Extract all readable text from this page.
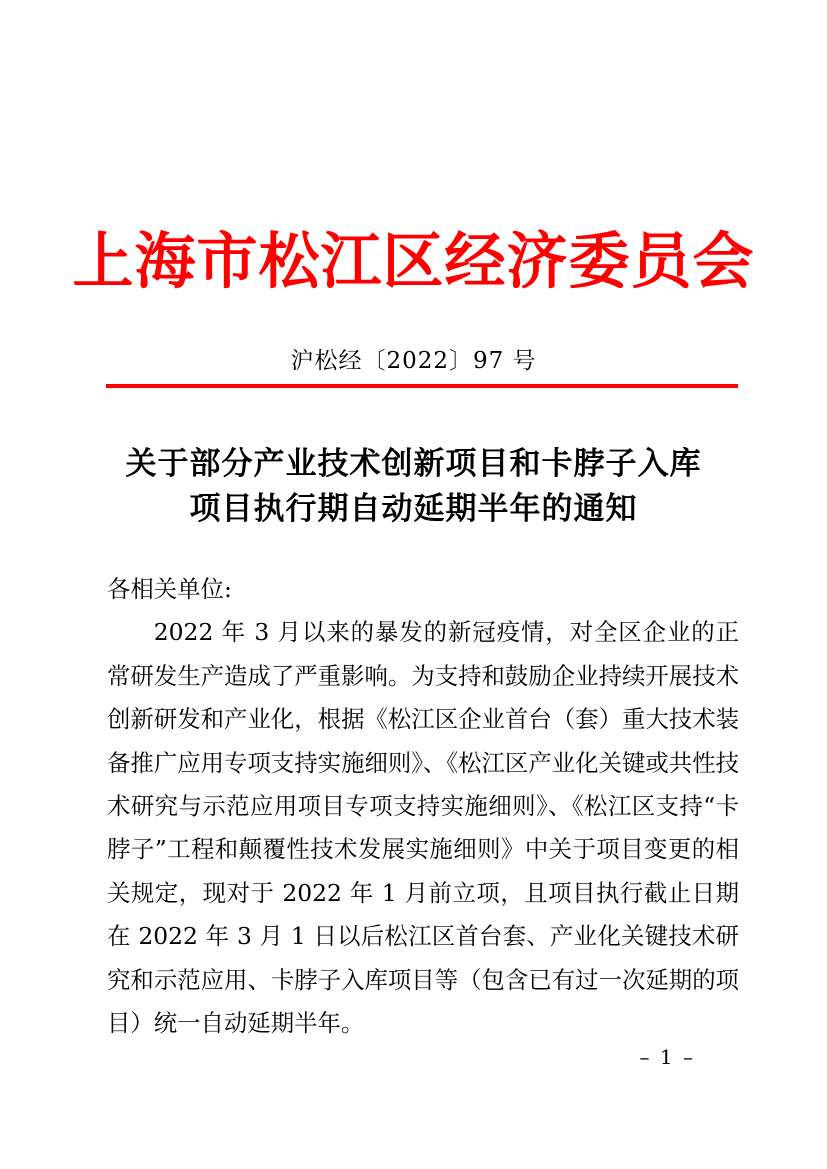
上海市松江区经济委员会
沪松经〔2022〕97 号
关于部分产业技术创新项目和卡脖子入库
项目执行期自动延期半年的通知

各相关单位:

2022 年 3 月以来的暴发的新冠疫情，对全区企业的正常研发生产造成了严重影响。为支持和鼓励企业持续开展技术创新研发和产业化，根据《松江区企业首台（套）重大技术装备推广应用专项支持实施细则》、《松江区产业化关键或共性技术研究与示范应用项目专项支持实施细则》、《松江区支持“卡脖子”工程和颠覆性技术发展实施细则》中关于项目变更的相关规定，现对于 2022 年 1 月前立项，且项目执行截止日期在 2022 年 3 月 1 日以后松江区首台套、产业化关键技术研究和示范应用、卡脖子入库项目等（包含已有过一次延期的项目）统一自动延期半年。

– 1 –
